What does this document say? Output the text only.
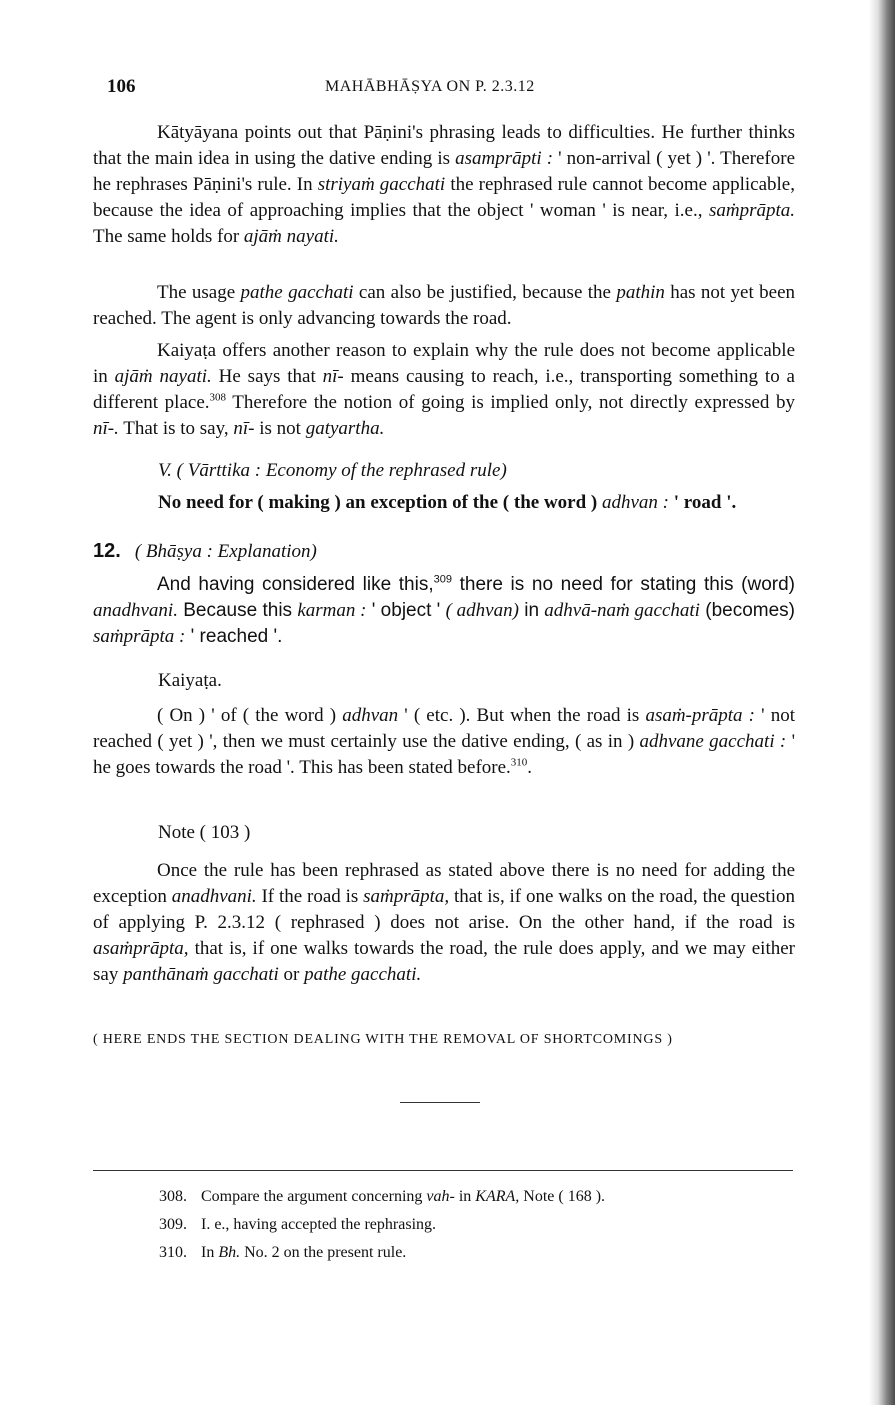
106	MAHĀBHĀṢYA ON P. 2.3.12
Kātyāyana points out that Pāṇini's phrasing leads to difficulties. He further thinks that the main idea in using the dative ending is asamprāpti : ' non-arrival ( yet ) '. Therefore he rephrases Pāṇini's rule. In striyaṁ gacchati the rephrased rule cannot become applicable, because the idea of approaching implies that the object ' woman ' is near, i.e., saṁprāpta. The same holds for ajāṁ nayati.
The usage pathe gacchati can also be justified, because the pathin has not yet been reached. The agent is only advancing towards the road.
Kaiyaṭa offers another reason to explain why the rule does not become applicable in ajāṁ nayati. He says that nī- means causing to reach, i.e., transporting something to a different place.$^{308}$ Therefore the notion of going is implied only, not directly expressed by nī-. That is to say, nī- is not gatyartha.
V. ( Vārttika : Economy of the rephrased rule)
No need for ( making ) an exception of the ( the word ) adhvan : ' road '.
12. ( Bhāṣya : Explanation)
And having considered like this,$^{309}$ there is no need for stating this (word) anadhvani. Because this karman : ' object ' ( adhvan) in adhvā-naṁ gacchati (becomes) saṁprāpta : ' reached '.
Kaiyaṭa.
( On ) ' of ( the word ) adhvan ' ( etc. ). But when the road is asaṁ-prāpta : ' not reached ( yet ) ', then we must certainly use the dative ending, ( as in ) adhvane gacchati : ' he goes towards the road '. This has been stated before.$^{310}$.
Note ( 103 )
Once the rule has been rephrased as stated above there is no need for adding the exception anadhvani. If the road is saṁprāpta, that is, if one walks on the road, the question of applying P. 2.3.12 ( rephrased ) does not arise. On the other hand, if the road is asaṁprāpta, that is, if one walks towards the road, the rule does apply, and we may either say panthānaṁ gacchati or pathe gacchati.
( HERE ENDS THE SECTION DEALING WITH THE REMOVAL OF SHORTCOMINGS )
308. Compare the argument concerning vah- in KARA, Note ( 168 ).
309. I. e., having accepted the rephrasing.
310. In Bh. No. 2 on the present rule.
